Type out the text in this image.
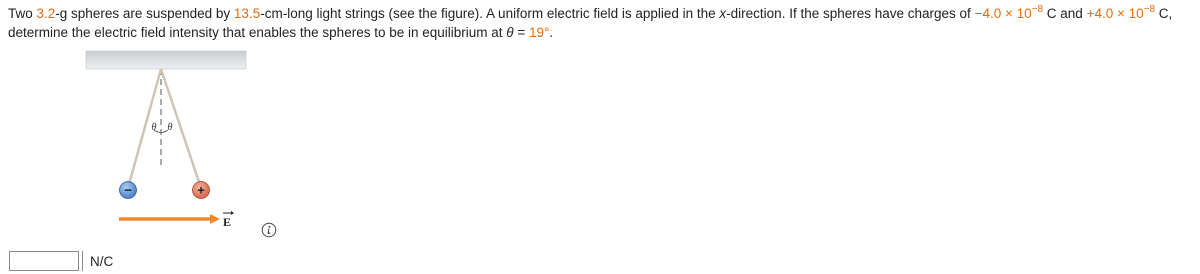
Two 3.2-g spheres are suspended by 13.5-cm-long light strings (see the figure). A uniform electric field is applied in the x-direction. If the spheres have charges of $-4.0 \times 10^{-8}$ C and $+4.0 \times 10^{-8}$ C, determine the electric field intensity that enables the spheres to be in equilibrium at θ = 19°.
θ θ
−	+
E
N/C
